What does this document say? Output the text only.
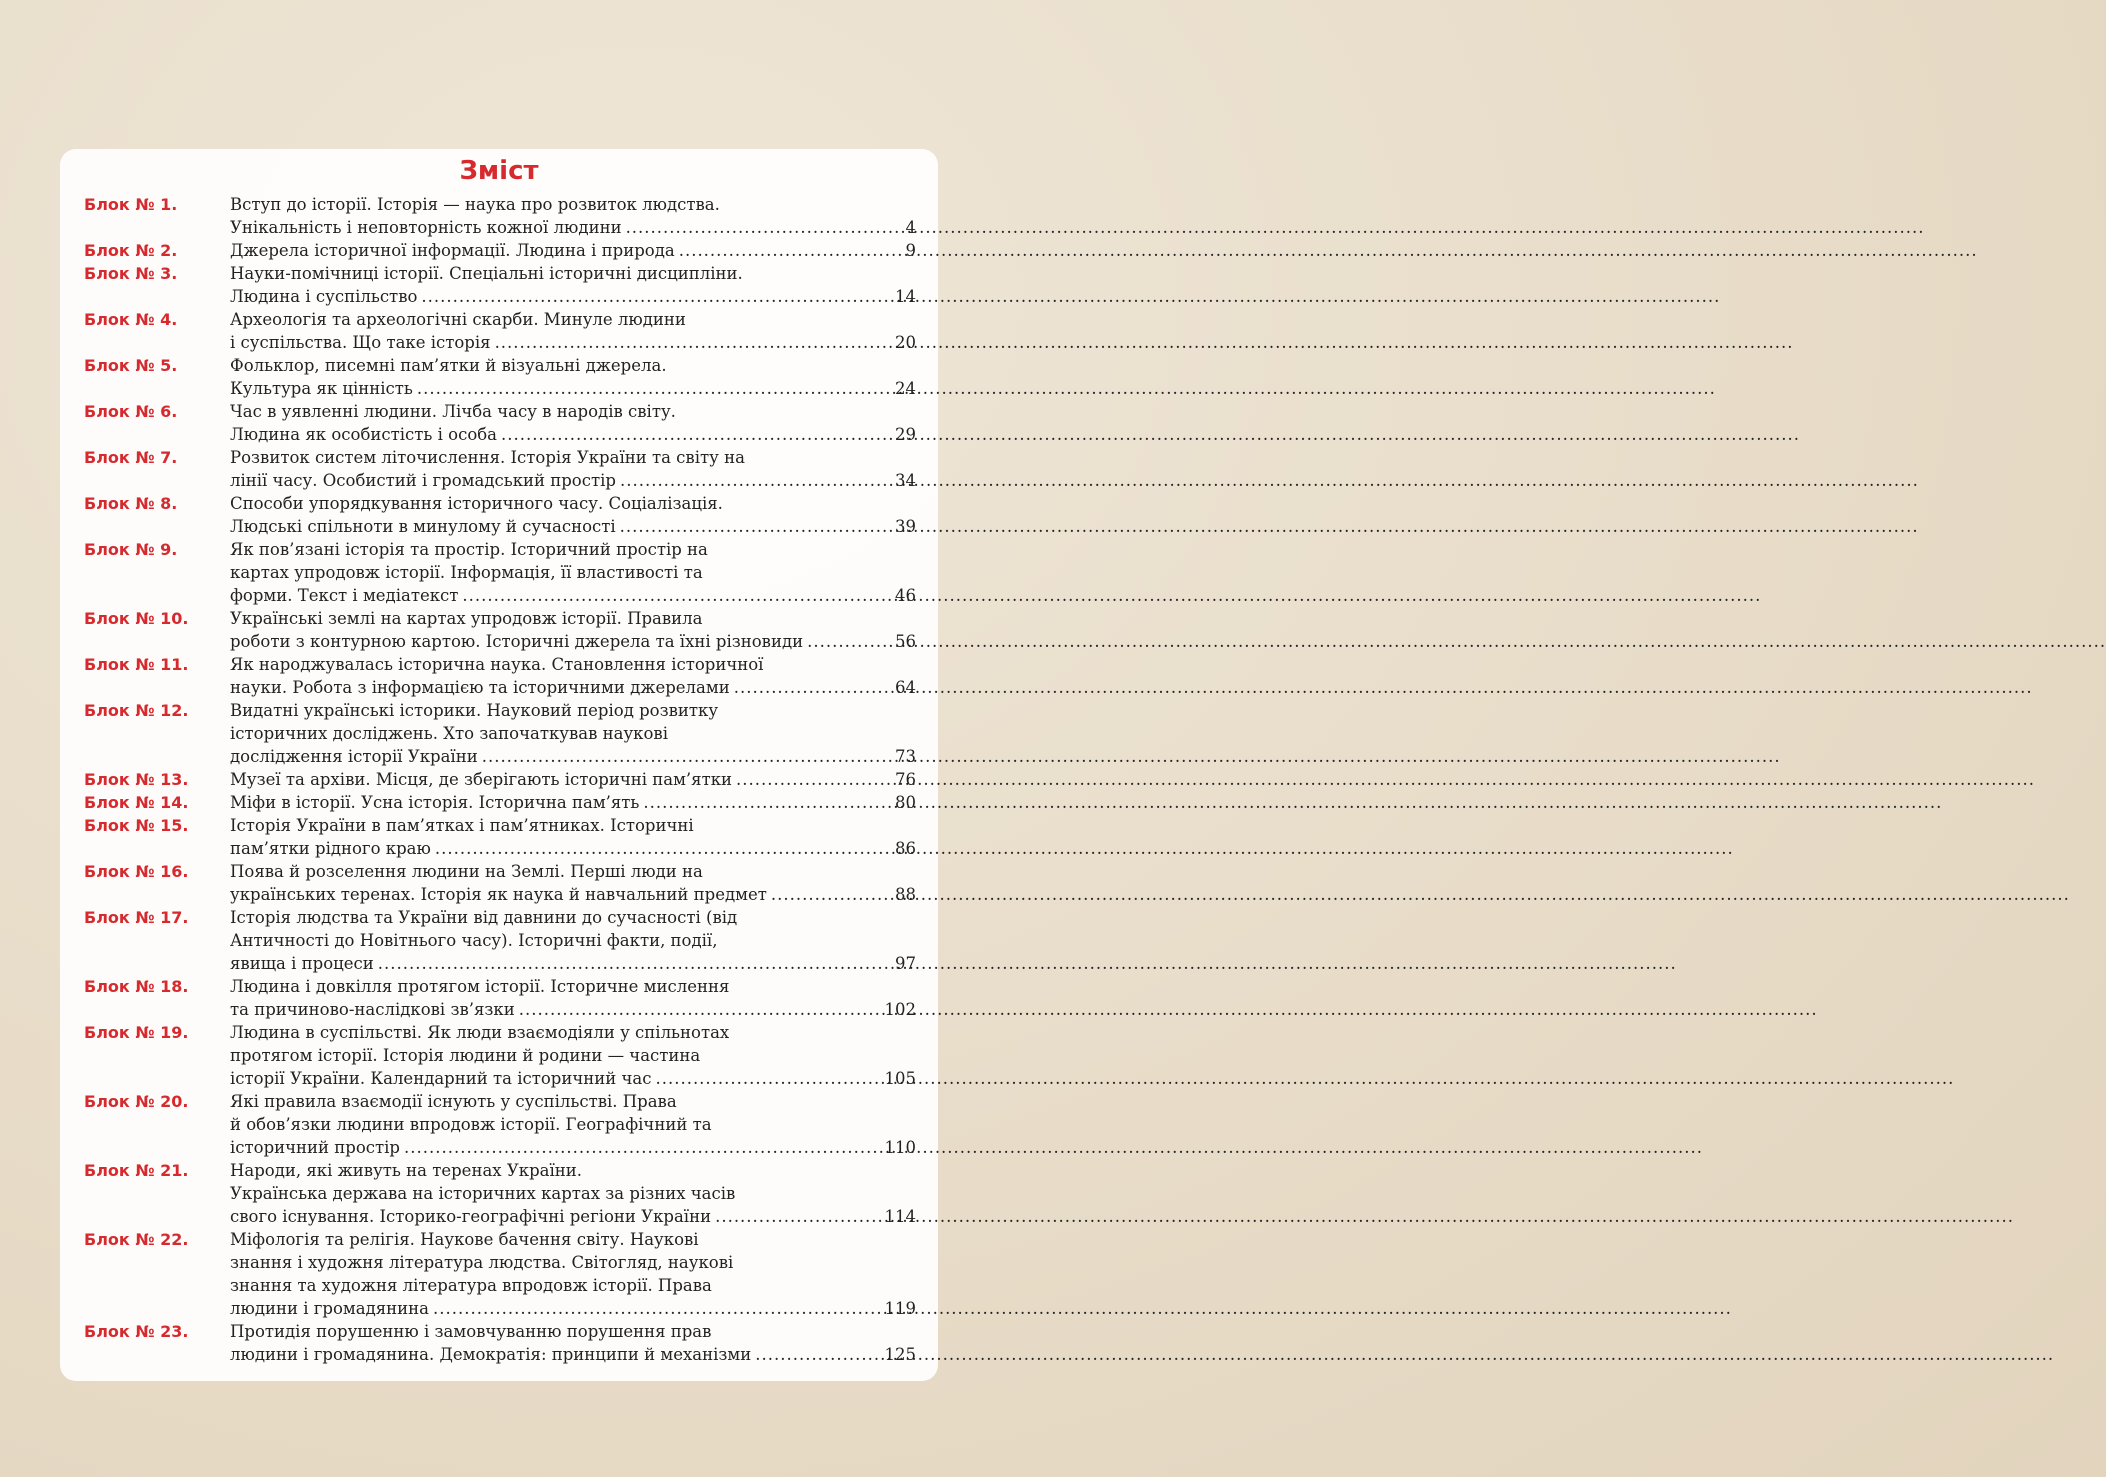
Зміст
Блок № 1.	Вступ до історії. Історія — наука про розвиток людства.
Унікальність і неповторність кожної людини .....	4
Блок № 2.	Джерела історичної інформації. Людина і природа .....	9
Блок № 3.	Науки-помічниці історії. Спеціальні історичні дисципліни.
Людина і суспільство .....	14
Блок № 4.	Археологія та археологічні скарби. Минуле людини
і суспільства. Що таке історія .....	20
Блок № 5.	Фольклор, писемні пам’ятки й візуальні джерела.
Культура як цінність .....	24
Блок № 6.	Час в уявленні людини. Лічба часу в народів світу.
Людина як особистість і особа .....	29
Блок № 7.	Розвиток систем літочислення. Історія України та світу на
лінії часу. Особистий і громадський простір .....	34
Блок № 8.	Способи упорядкування історичного часу. Соціалізація.
Людські спільноти в минулому й сучасності .....	39
Блок № 9.	Як пов’язані історія та простір. Історичний простір на
картах упродовж історії. Інформація, її властивості та
форми. Текст і медіатекст .....	46
Блок № 10.	Українські землі на картах упродовж історії. Правила
роботи з контурною картою. Історичні джерела та їхні різновиди .....	56
Блок № 11.	Як народжувалась історична наука. Становлення історичної
науки. Робота з інформацією та історичними джерелами .....	64
Блок № 12.	Видатні українські історики. Науковий період розвитку
історичних досліджень. Хто започаткував наукові
дослідження історії України .....	73
Блок № 13.	Музеї та архіви. Місця, де зберігають історичні пам’ятки .....	76
Блок № 14.	Міфи в історії. Усна історія. Історична пам’ять .....	80
Блок № 15.	Історія України в пам’ятках і пам’ятниках. Історичні
пам’ятки рідного краю .....	86
Блок № 16.	Поява й розселення людини на Землі. Перші люди на
українських теренах. Історія як наука й навчальний предмет .....	88
Блок № 17.	Історія людства та України від давнини до сучасності (від
Античності до Новітнього часу). Історичні факти, події,
явища і процеси .....	97
Блок № 18.	Людина і довкілля протягом історії. Історичне мислення
та причиново-наслідкові зв’язки .....	102
Блок № 19.	Людина в суспільстві. Як люди взаємодіяли у спільнотах
протягом історії. Історія людини й родини — частина
історії України. Календарний та історичний час .....	105
Блок № 20.	Які правила взаємодії існують у суспільстві. Права
й обов’язки людини впродовж історії. Географічний та
історичний простір .....	110
Блок № 21.	Народи, які живуть на теренах України.
Українська держава на історичних картах за різних часів
свого існування. Історико-географічні регіони України .....	114
Блок № 22.	Міфологія та релігія. Наукове бачення світу. Наукові
знання і художня література людства. Світогляд, наукові
знання та художня література впродовж історії. Права
людини і громадянина .....	119
Блок № 23.	Протидія порушенню і замовчуванню порушення прав
людини і громадянина. Демократія: принципи й механізми .....	125
